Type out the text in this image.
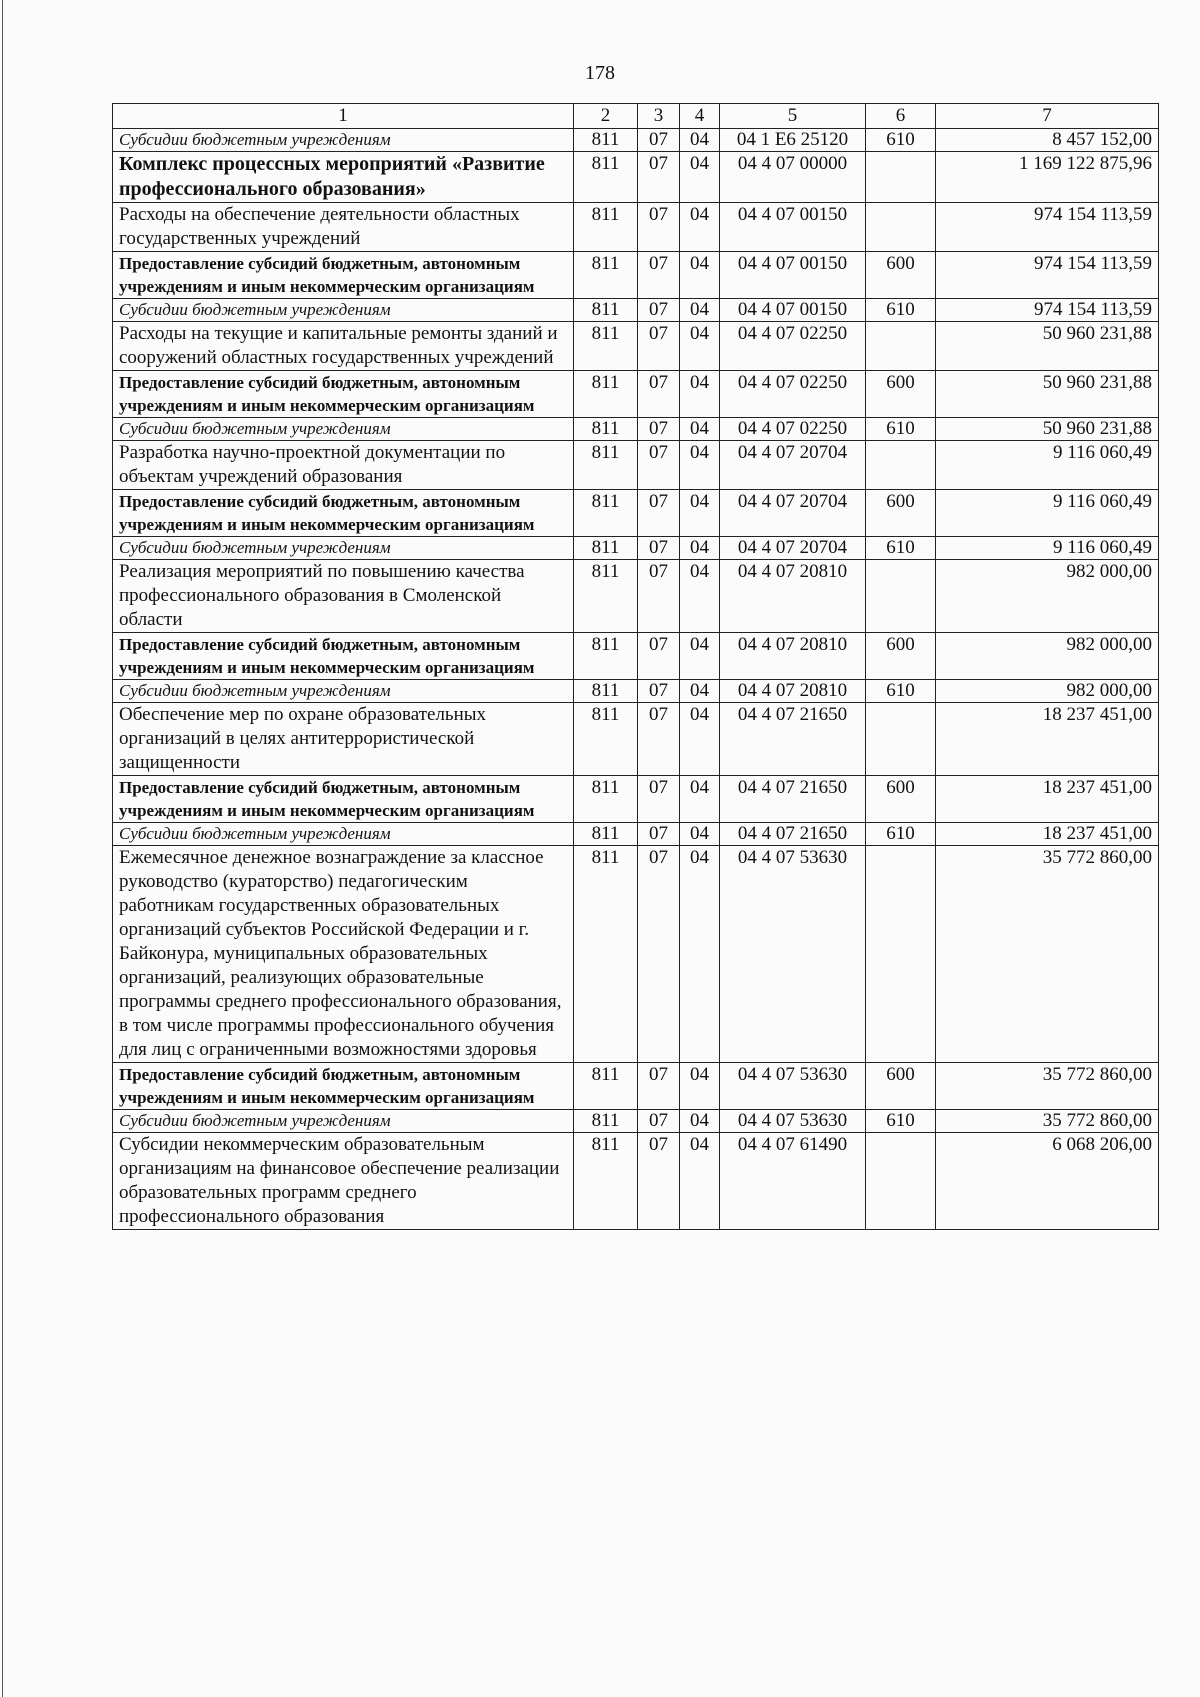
178
1	2	3	4	5	6	7
Субсидии бюджетным учреждениям	811	07	04	04 1 Е6 25120	610	8 457 152,00
Комплекс процессных мероприятий «Развитие профессионального образования»	811	07	04	04 4 07 00000		1 169 122 875,96
Расходы на обеспечение деятельности областных государственных учреждений	811	07	04	04 4 07 00150		974 154 113,59
Предоставление субсидий бюджетным, автономным учреждениям и иным некоммерческим организациям	811	07	04	04 4 07 00150	600	974 154 113,59
Субсидии бюджетным учреждениям	811	07	04	04 4 07 00150	610	974 154 113,59
Расходы на текущие и капитальные ремонты зданий и сооружений областных государственных учреждений	811	07	04	04 4 07 02250		50 960 231,88
Предоставление субсидий бюджетным, автономным учреждениям и иным некоммерческим организациям	811	07	04	04 4 07 02250	600	50 960 231,88
Субсидии бюджетным учреждениям	811	07	04	04 4 07 02250	610	50 960 231,88
Разработка научно-проектной документации по объектам учреждений образования	811	07	04	04 4 07 20704		9 116 060,49
Предоставление субсидий бюджетным, автономным учреждениям и иным некоммерческим организациям	811	07	04	04 4 07 20704	600	9 116 060,49
Субсидии бюджетным учреждениям	811	07	04	04 4 07 20704	610	9 116 060,49
Реализация мероприятий по повышению качества профессионального образования в Смоленской области	811	07	04	04 4 07 20810		982 000,00
Предоставление субсидий бюджетным, автономным учреждениям и иным некоммерческим организациям	811	07	04	04 4 07 20810	600	982 000,00
Субсидии бюджетным учреждениям	811	07	04	04 4 07 20810	610	982 000,00
Обеспечение мер по охране образовательных организаций в целях антитеррористической защищенности	811	07	04	04 4 07 21650		18 237 451,00
Предоставление субсидий бюджетным, автономным учреждениям и иным некоммерческим организациям	811	07	04	04 4 07 21650	600	18 237 451,00
Субсидии бюджетным учреждениям	811	07	04	04 4 07 21650	610	18 237 451,00
Ежемесячное денежное вознаграждение за классное руководство (кураторство) педагогическим работникам государственных образовательных организаций субъектов Российской Федерации и г. Байконура, муниципальных образовательных организаций, реализующих образовательные программы среднего профессионального образования, в том числе программы профессионального обучения для лиц с ограниченными возможностями здоровья	811	07	04	04 4 07 53630		35 772 860,00
Предоставление субсидий бюджетным, автономным учреждениям и иным некоммерческим организациям	811	07	04	04 4 07 53630	600	35 772 860,00
Субсидии бюджетным учреждениям	811	07	04	04 4 07 53630	610	35 772 860,00
Субсидии некоммерческим образовательным организациям на финансовое обеспечение реализации образовательных программ среднего профессионального образования	811	07	04	04 4 07 61490		6 068 206,00
